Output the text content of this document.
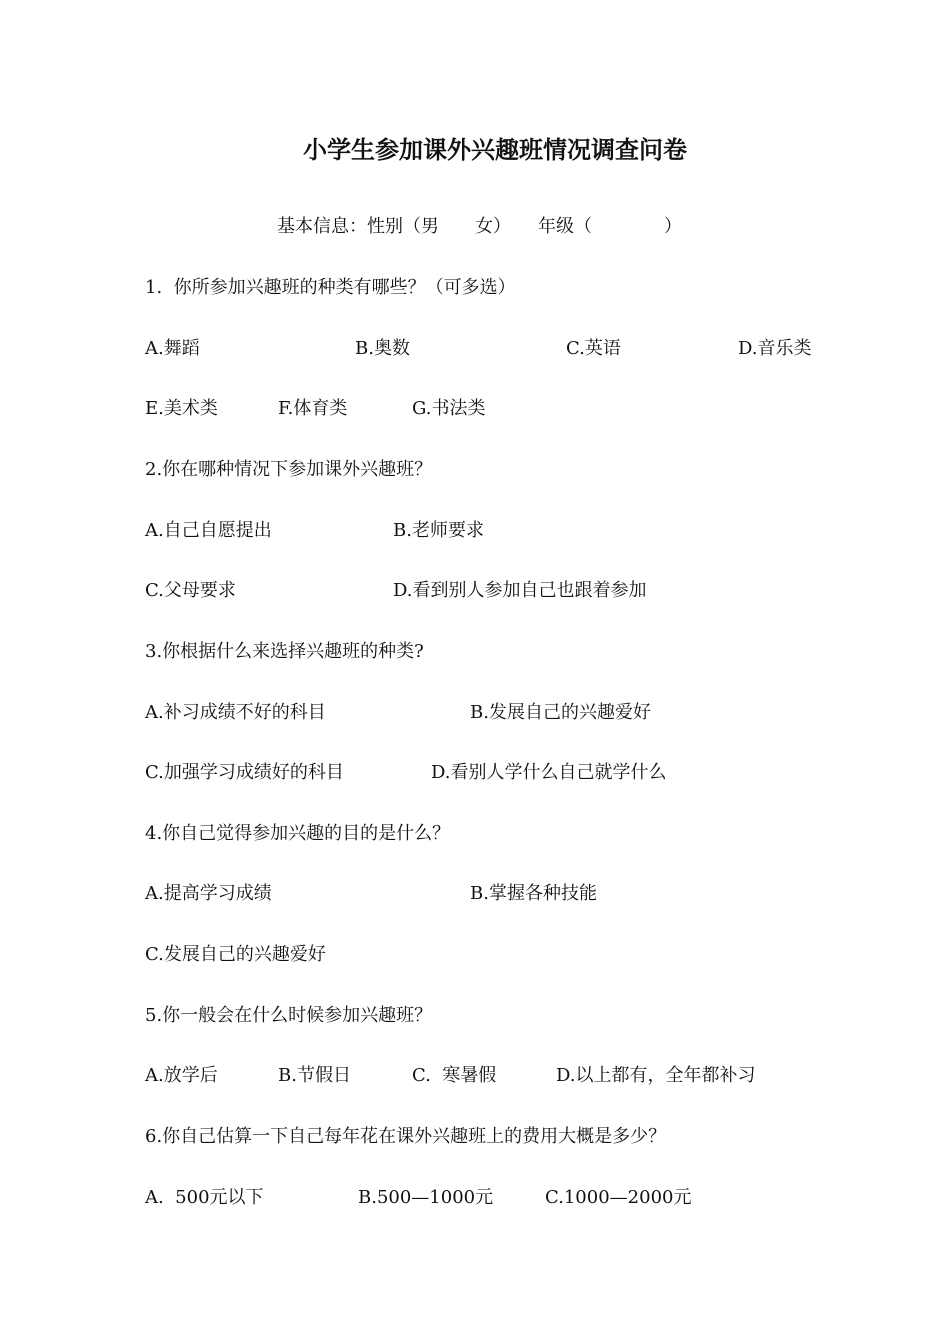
小学生参加课外兴趣班情况调查问卷
基本信息：性别（男　　女）　　年级（　　　　）
1.  你所参加兴趣班的种类有哪些？（可多选）
A.舞蹈	B.奥数	C.英语	D.音乐类
E.美术类	F.体育类	G.书法类
2.你在哪种情况下参加课外兴趣班？
A.自己自愿提出	B.老师要求
C.父母要求	D.看到别人参加自己也跟着参加
3.你根据什么来选择兴趣班的种类?
A.补习成绩不好的科目	B.发展自己的兴趣爱好
C.加强学习成绩好的科目	D.看别人学什么自己就学什么
4.你自己觉得参加兴趣的目的是什么？
A.提高学习成绩	B.掌握各种技能
C.发展自己的兴趣爱好
5.你一般会在什么时候参加兴趣班？
A.放学后	B.节假日	C.  寒暑假	D.以上都有，全年都补习
6.你自己估算一下自己每年花在课外兴趣班上的费用大概是多少？
A.  500元以下	B.500—1000元	C.1000—2000元
